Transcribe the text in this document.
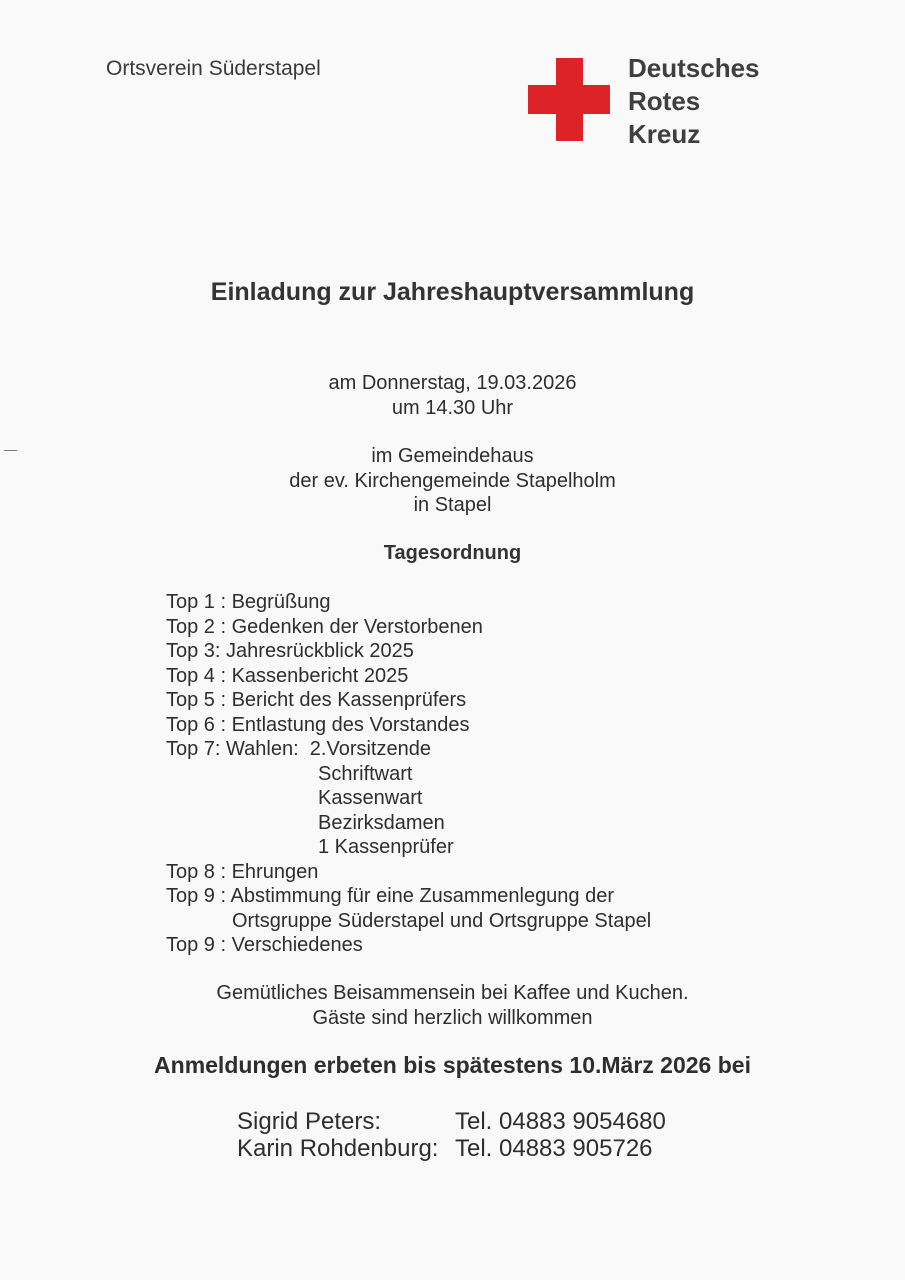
Ortsverein Süderstapel	Deutsches
Rotes
Kreuz
Einladung zur Jahreshauptversammlung
am Donnerstag, 19.03.2026
um 14.30 Uhr
im Gemeindehaus
der ev. Kirchengemeinde Stapelholm
in Stapel
Tagesordnung
Top 1 : Begrüßung
Top 2 : Gedenken der Verstorbenen
Top 3: Jahresrückblick 2025
Top 4 : Kassenbericht 2025
Top 5 : Bericht des Kassenprüfers
Top 6 : Entlastung des Vorstandes
Top 7: Wahlen:  2.Vorsitzende
Schriftwart
Kassenwart
Bezirksdamen
1 Kassenprüfer
Top 8 : Ehrungen
Top 9 : Abstimmung für eine Zusammenlegung der
Ortsgruppe Süderstapel und Ortsgruppe Stapel
Top 9 : Verschiedenes
Gemütliches Beisammensein bei Kaffee und Kuchen.
Gäste sind herzlich willkommen
Anmeldungen erbeten bis spätestens 10.März 2026 bei
Sigrid Peters:	Tel. 04883 9054680
Karin Rohdenburg: Tel. 04883 905726
